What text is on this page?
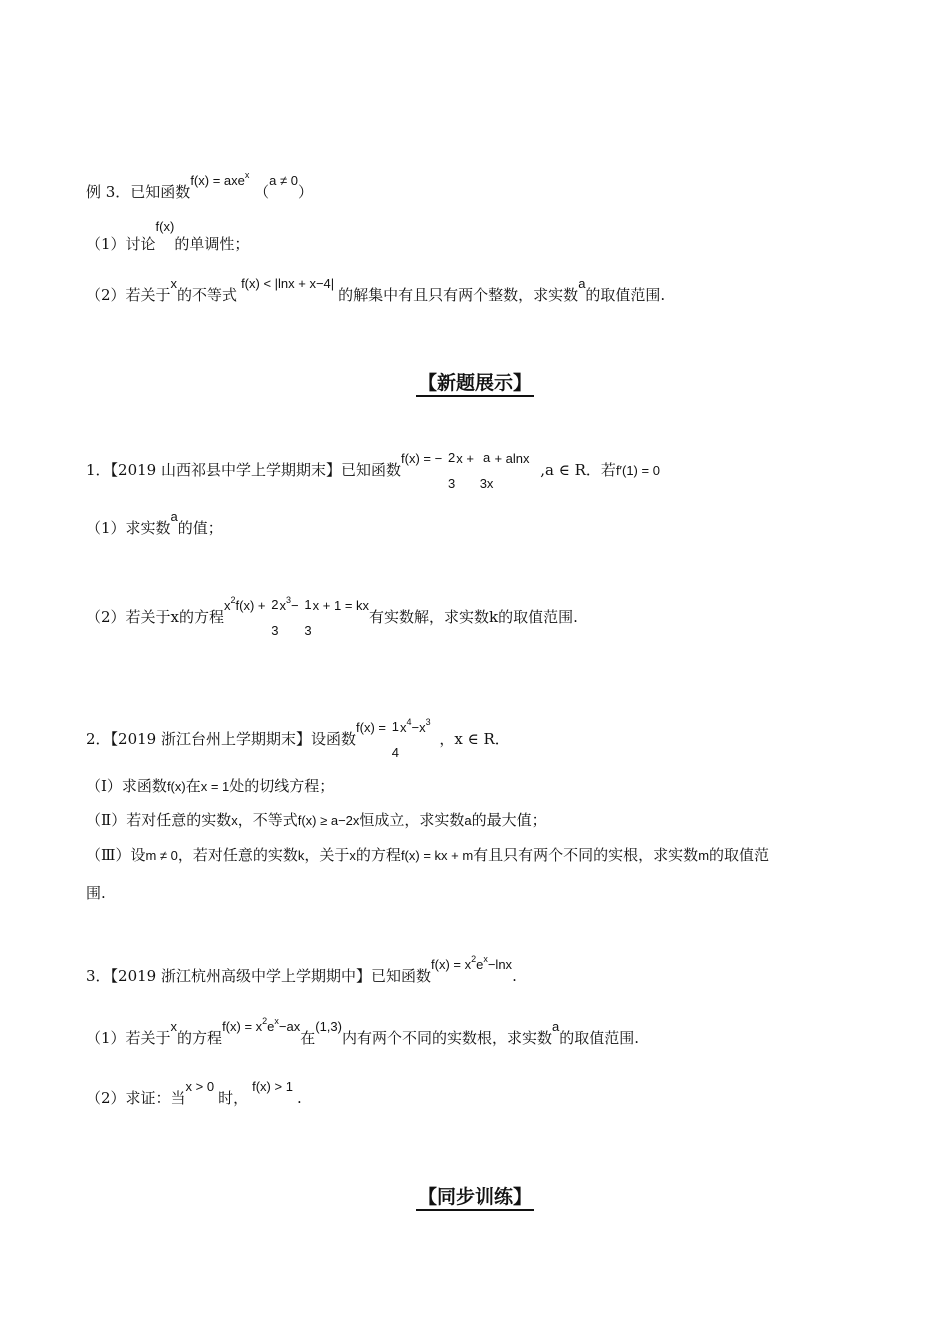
例 3．已知函数f(x) = axe$^x$ （a ≠ 0）
（1）讨论f(x)的单调性；
（2）若关于x的不等式f(x) < |lnx + x−4|的解集中有且只有两个整数，求实数a的取值范围.
【新题展示】
1．【2019 山西祁县中学上学期期末】已知函数f(x) = − 2
3
x + a
3x
+ alnx ,a ∈ R．若f′(1) = 0
（1）求实数a的值；
（2）若关于x的方程$x^2f(x) + 2$
3
$x^3- 1$
3
x + 1 = kx有实数解，求实数k的取值范围.
2．【2019 浙江台州上学期期末】设函数f(x) = 1
4
$x^4-x^3$ ，x ∈ R．
（Ⅰ）求函数f(x)在x = 1处的切线方程；
（Ⅱ）若对任意的实数x，不等式f(x) ≥ a−2x恒成立，求实数a的最大值；
（Ⅲ）设m ≠ 0，若对任意的实数k，关于x的方程f(x) = kx + m有且只有两个不同的实根，求实数m的取值范
围.
3．【2019 浙江杭州高级中学上学期期中】已知函数$f(x) = x^2e^x-\ln x$.
（1）若关于x的方程$f(x) = x^2e^x-ax$在(1,3)内有两个不同的实数根，求实数a的取值范围.
（2）求证：当x > 0时，f(x) > 1.
【同步训练】
